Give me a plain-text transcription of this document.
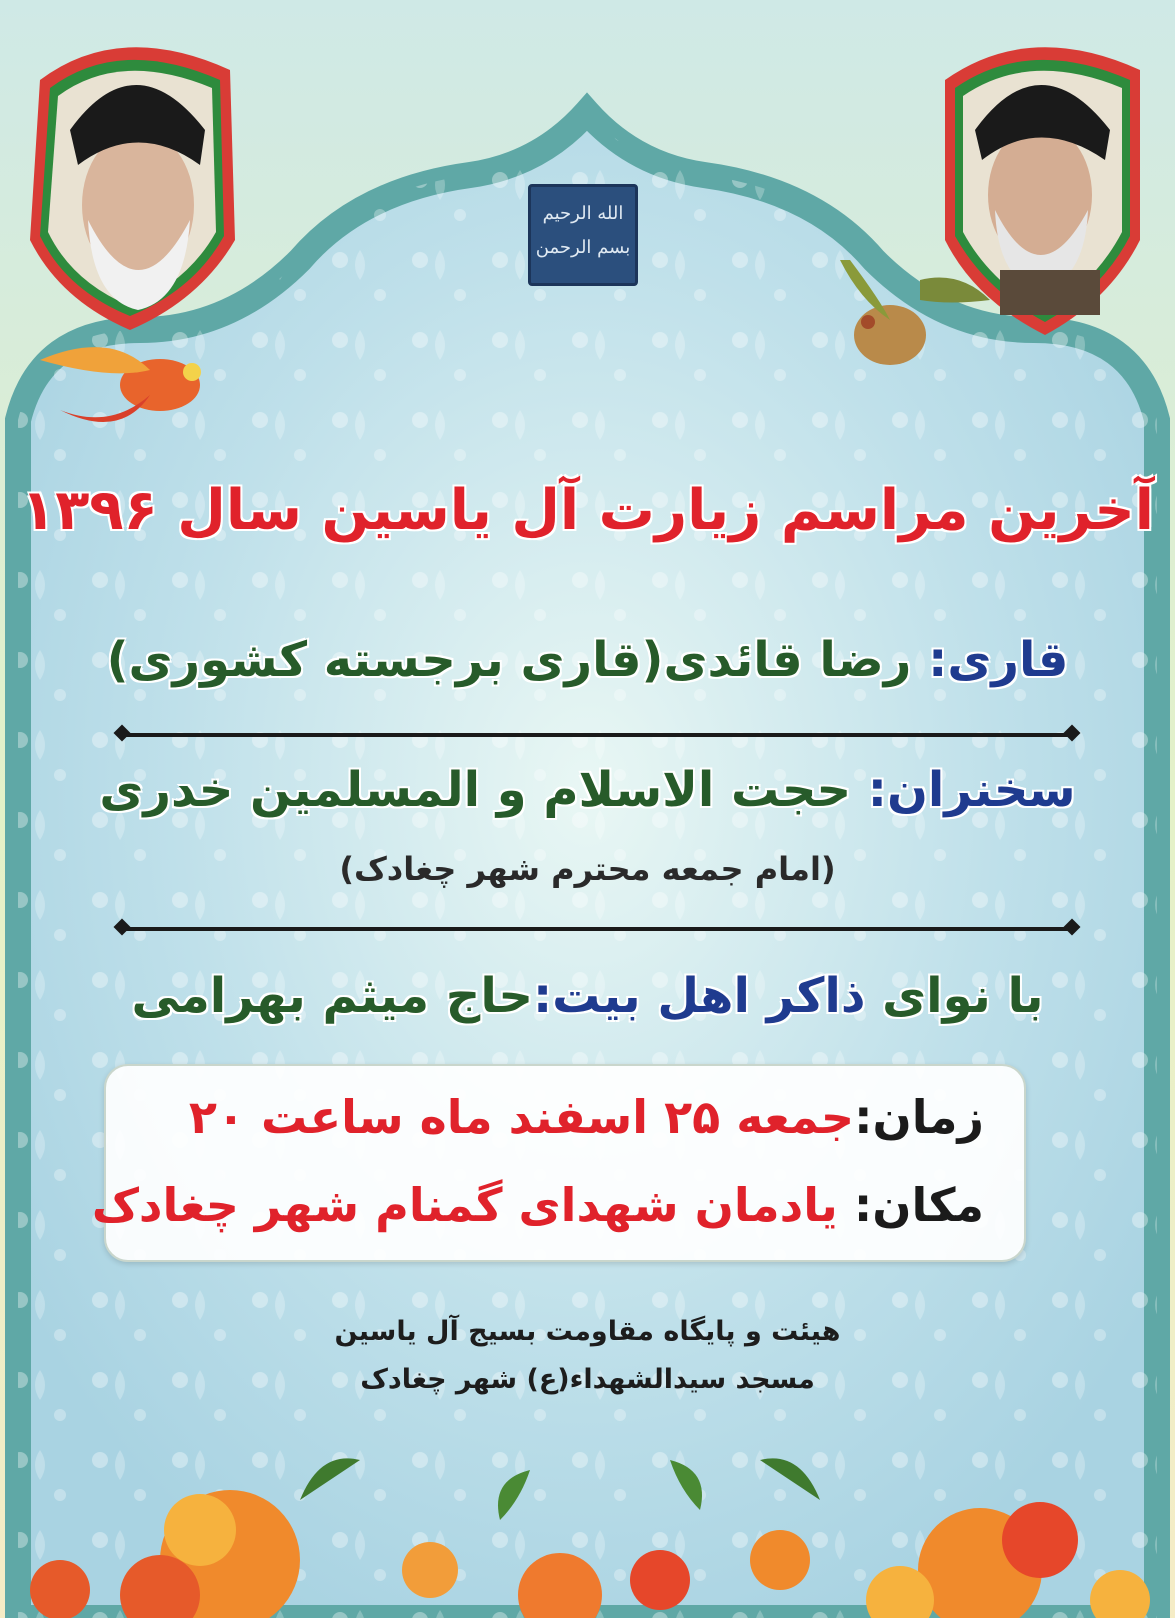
الله الرحیم
بسم الرحمن
آخرین مراسم زیارت آل یاسین سال ۱۳۹۶
قاری: رضا قائدی(قاری برجسته کشوری)
سخنران: حجت الاسلام و المسلمین خدری
(امام جمعه محترم شهر چغادک)
با نوای ذاکر اهل بیت:حاج میثم بهرامی
زمان:جمعه ۲۵ اسفند ماه ساعت ۲۰
مکان: یادمان شهدای گمنام شهر چغادک
هیئت و پایگاه مقاومت بسیج آل یاسین
مسجد سیدالشهداء(ع) شهر چغادک
